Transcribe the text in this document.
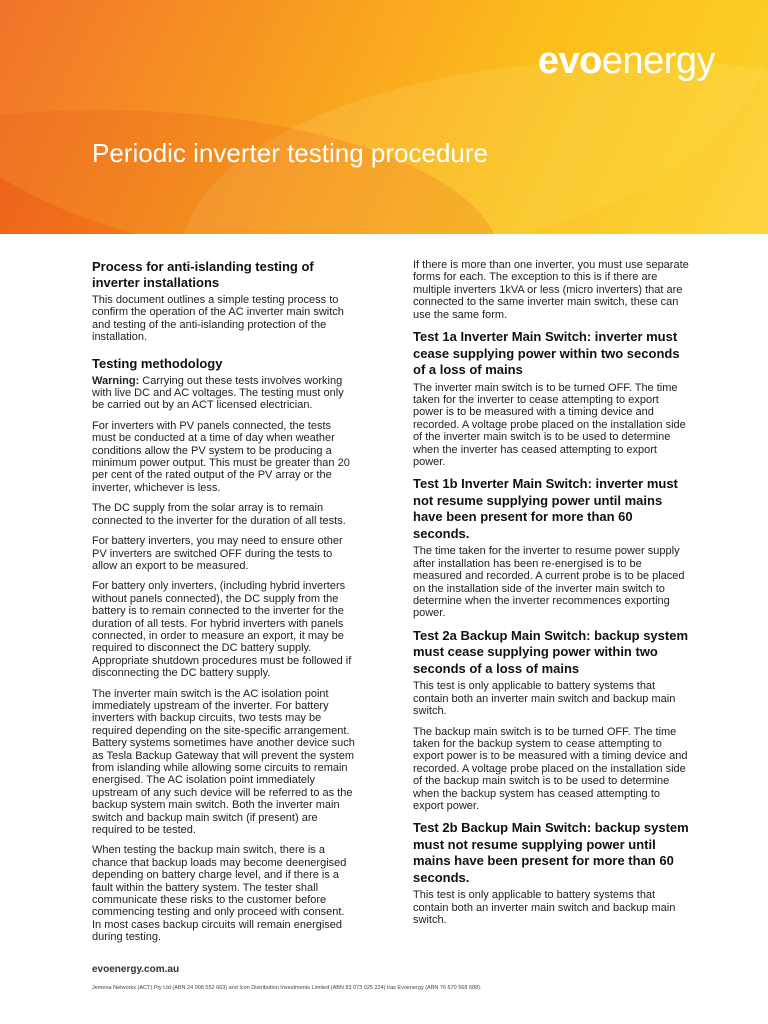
evoenergy
Periodic inverter testing procedure
Process for anti-islanding testing of inverter installations

This document outlines a simple testing process to confirm the operation of the AC inverter main switch and testing of the anti-islanding protection of the installation.

Testing methodology

Warning: Carrying out these tests involves working with live DC and AC voltages. The testing must only be carried out by an ACT licensed electrician.

For inverters with PV panels connected, the tests must be conducted at a time of day when weather conditions allow the PV system to be producing a minimum power output. This must be greater than 20 per cent of the rated output of the PV array or the inverter, whichever is less.

The DC supply from the solar array is to remain connected to the inverter for the duration of all tests.

For battery inverters, you may need to ensure other PV inverters are switched OFF during the tests to allow an export to be measured.

For battery only inverters, (including hybrid inverters without panels connected), the DC supply from the battery is to remain connected to the inverter for the duration of all tests. For hybrid inverters with panels connected, in order to measure an export, it may be required to disconnect the DC battery supply. Appropriate shutdown procedures must be followed if disconnecting the DC battery supply.

The inverter main switch is the AC isolation point immediately upstream of the inverter. For battery inverters with backup circuits, two tests may be required depending on the site-specific arrangement. Battery systems sometimes have another device such as Tesla Backup Gateway that will prevent the system from islanding while allowing some circuits to remain energised. The AC isolation point immediately upstream of any such device will be referred to as the backup system main switch. Both the inverter main switch and backup main switch (if present) are required to be tested.

When testing the backup main switch, there is a chance that backup loads may become deenergised depending on battery charge level, and if there is a fault within the battery system. The tester shall communicate these risks to the customer before commencing testing and only proceed with consent. In most cases backup circuits will remain energised during testing.

If there is more than one inverter, you must use separate forms for each. The exception to this is if there are multiple inverters 1kVA or less (micro inverters) that are connected to the same inverter main switch, these can use the same form.

Test 1a Inverter Main Switch: inverter must cease supplying power within two seconds of a loss of mains

The inverter main switch is to be turned OFF. The time taken for the inverter to cease attempting to export power is to be measured with a timing device and recorded. A voltage probe placed on the installation side of the inverter main switch is to be used to determine when the inverter has ceased attempting to export power.

Test 1b Inverter Main Switch: inverter must not resume supplying power until mains have been present for more than 60 seconds.

The time taken for the inverter to resume power supply after installation has been re-energised is to be measured and recorded. A current probe is to be placed on the installation side of the inverter main switch to determine when the inverter recommences exporting power.

Test 2a Backup Main Switch: backup system must cease supplying power within two seconds of a loss of mains

This test is only applicable to battery systems that contain both an inverter main switch and backup main switch.

The backup main switch is to be turned OFF. The time taken for the backup system to cease attempting to export power is to be measured with a timing device and recorded. A voltage probe placed on the installation side of the backup main switch is to be used to determine when the backup system has ceased attempting to export power.

Test 2b Backup Main Switch: backup system must not resume supplying power until mains have been present for more than 60 seconds.

This test is only applicable to battery systems that contain both an inverter main switch and backup main switch.

evoenergy.com.au
Jemena Networks (ACT) Pty Ltd (ABN 24 008 552 663) and Icon Distribution Investments Limited (ABN 83 073 025 224) t/as Evoenergy (ABN 76 670 568 688).
